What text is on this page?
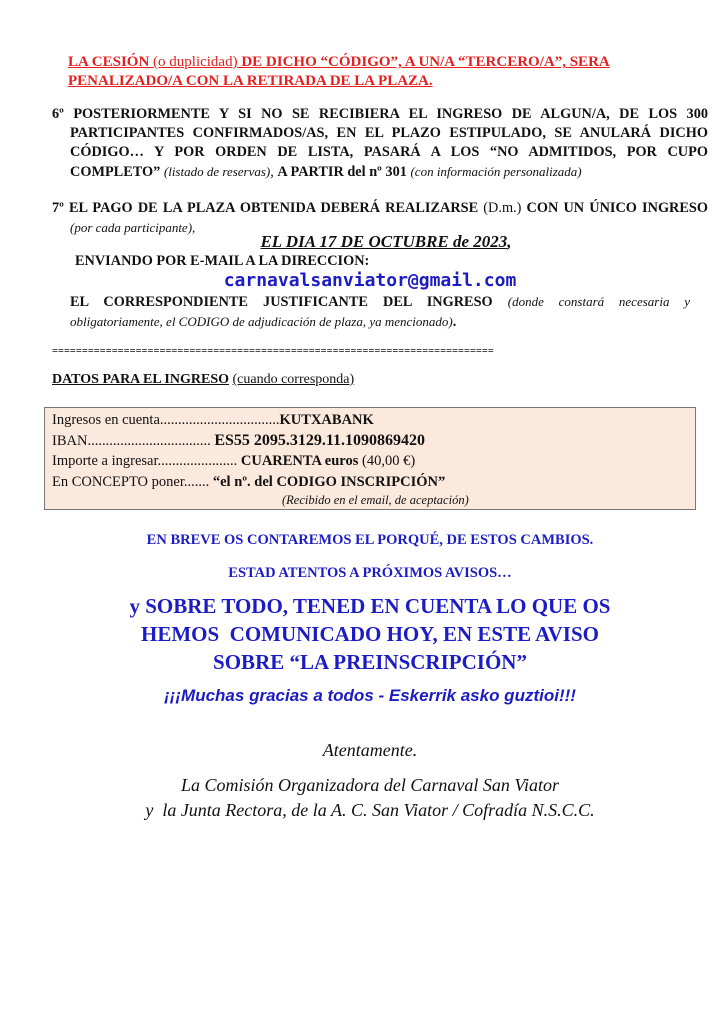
LA CESIÓN (o duplicidad) DE DICHO “CÓDIGO”, A UN/A “TERCERO/A”, SERA PENALIZADO/A CON LA RETIRADA DE LA PLAZA.
6º POSTERIORMENTE Y SI NO SE RECIBIERA EL INGRESO DE ALGUN/A, DE LOS 300 PARTICIPANTES CONFIRMADOS/AS, EN EL PLAZO ESTIPULADO, SE ANULARÁ DICHO CÓDIGO… Y POR ORDEN DE LISTA, PASARÁ A LOS “NO ADMITIDOS, POR CUPO COMPLETO” (listado de reservas), A PARTIR del nº 301 (con información personalizada)
7º EL PAGO DE LA PLAZA OBTENIDA DEBERÁ REALIZARSE (D.m.) CON UN ÚNICO INGRESO (por cada participante),
EL DIA 17 DE OCTUBRE de 2023,
ENVIANDO POR E-MAIL A LA DIRECCION:
carnavalsanviator@gmail.com
EL CORRESPONDIENTE JUSTIFICANTE DEL INGRESO (donde constará necesaria y obligatoriamente, el CODIGO de adjudicación de plaza, ya mencionado).
==========================================================================
DATOS PARA EL INGRESO (cuando corresponda)
Ingresos en cuenta.................................KUTXABANK
IBAN.................................. ES55 2095.3129.11.1090869420
Importe a ingresar...................... CUARENTA euros (40,00 €)
En CONCEPTO poner....... “el nº. del CODIGO INSCRIPCIÓN”
(Recibido en el email, de aceptación)
EN BREVE OS CONTAREMOS EL PORQUÉ, DE ESTOS CAMBIOS.
ESTAD ATENTOS A PRÓXIMOS AVISOS…
y SOBRE TODO, TENED EN CUENTA LO QUE OS
HEMOS  COMUNICADO HOY, EN ESTE AVISO
SOBRE “LA PREINSCRIPCIÓN”
¡¡¡Muchas gracias a todos - Eskerrik asko guztioi!!!
Atentamente.
La Comisión Organizadora del Carnaval San Viator
y  la Junta Rectora, de la A. C. San Viator / Cofradía N.S.C.C.
